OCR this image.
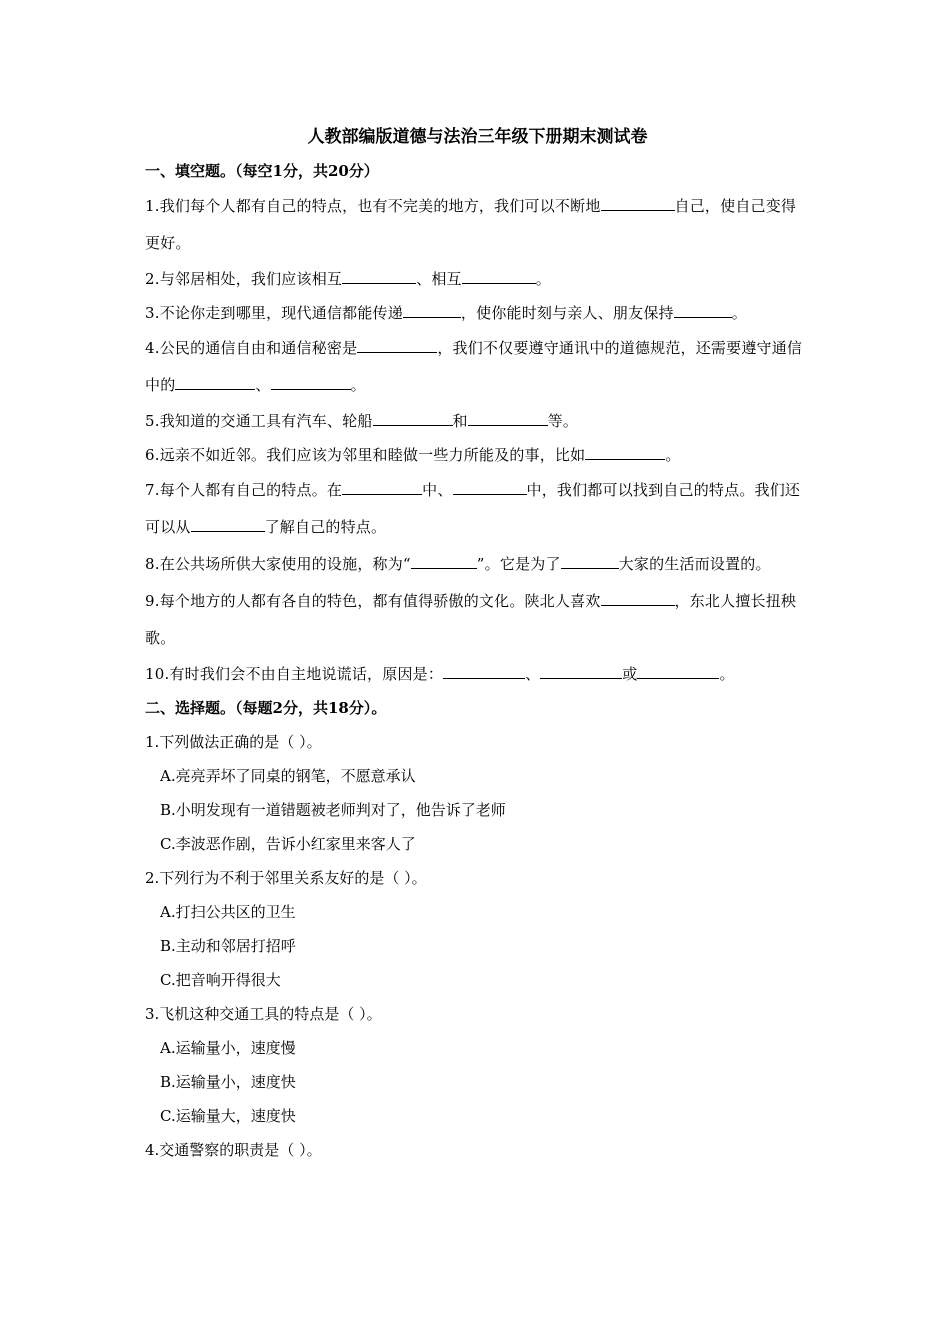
人教部编版道德与法治三年级下册期末测试卷
一、填空题。（每空1分，共20分）
1.我们每个人都有自己的特点，也有不完美的地方，我们可以不断地	自己，使自己变得更好。
2.与邻居相处，我们应该相互	、相互	。
3.不论你走到哪里，现代通信都能传递	，使你能时刻与亲人、朋友保持	。
4.公民的通信自由和通信秘密是	，我们不仅要遵守通讯中的道德规范，还需要遵守通信中的	、	。
5.我知道的交通工具有汽车、轮船	和	等。
6.远亲不如近邻。我们应该为邻里和睦做一些力所能及的事，比如	。
7.每个人都有自己的特点。在	中、	中，我们都可以找到自己的特点。我们还可以从	了解自己的特点。
8.在公共场所供大家使用的设施，称为“	”。它是为了	大家的生活而设置的。
9.每个地方的人都有各自的特色，都有值得骄傲的文化。陕北人喜欢	，东北人擅长扭秧歌。
10.有时我们会不由自主地说谎话，原因是：	、	或	。
二、选择题。（每题2分，共18分）。
1.下列做法正确的是（ ）。
A.亮亮弄坏了同桌的钢笔，不愿意承认
B.小明发现有一道错题被老师判对了，他告诉了老师
C.李波恶作剧，告诉小红家里来客人了
2.下列行为不利于邻里关系友好的是（ ）。
A.打扫公共区的卫生
B.主动和邻居打招呼
C.把音响开得很大
3.飞机这种交通工具的特点是（ ）。
A.运输量小，速度慢
B.运输量小，速度快
C.运输量大，速度快
4.交通警察的职责是（ ）。
